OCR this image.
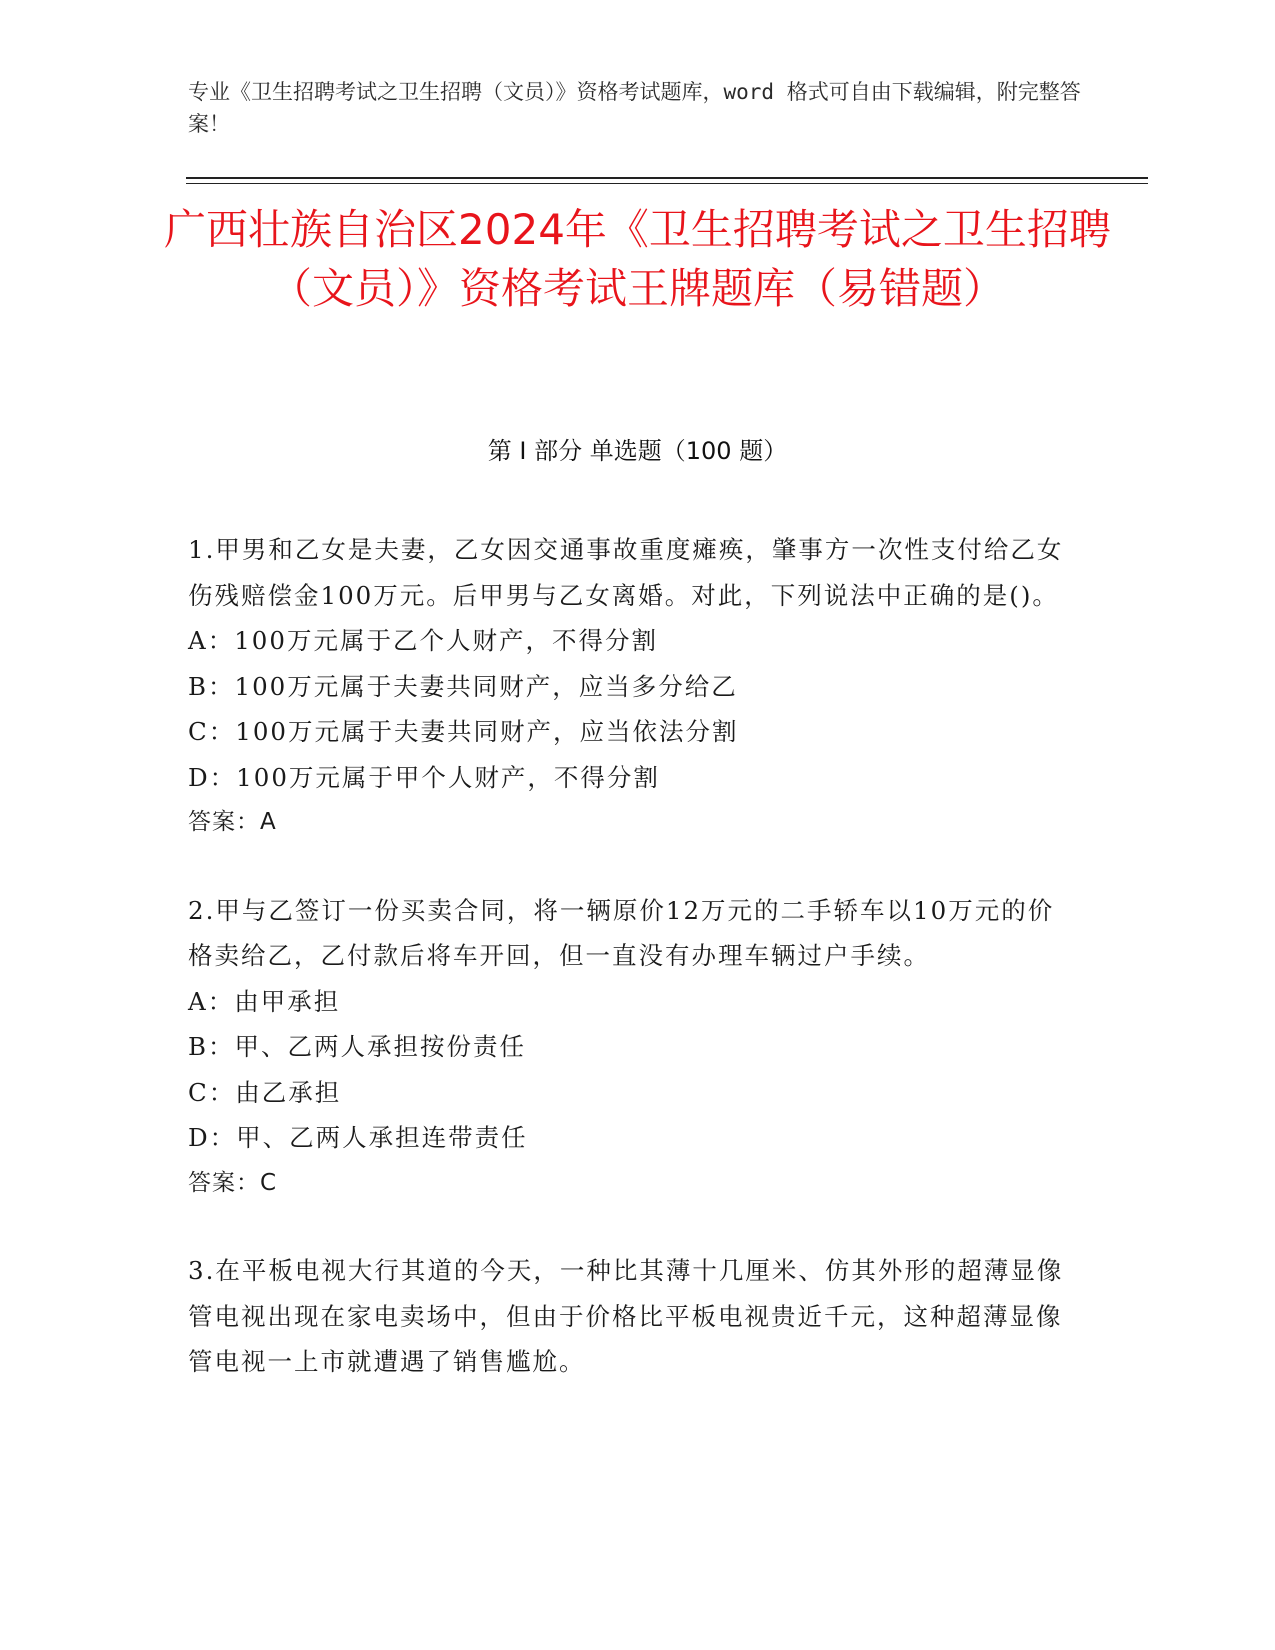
专业《卫生招聘考试之卫生招聘（文员）》资格考试题库，word 格式可自由下载编辑，附完整答案！
广西壮族自治区2024年《卫生招聘考试之卫生招聘（文员）》资格考试王牌题库（易错题）
第 I 部分 单选题（100 题）

1.甲男和乙女是夫妻，乙女因交通事故重度瘫痪，肇事方一次性支付给乙女伤残赔偿金100万元。后甲男与乙女离婚。对此，下列说法中正确的是()。

A：100万元属于乙个人财产，不得分割

B：100万元属于夫妻共同财产，应当多分给乙

C：100万元属于夫妻共同财产，应当依法分割

D：100万元属于甲个人财产，不得分割

答案：A

2.甲与乙签订一份买卖合同，将一辆原价12万元的二手轿车以10万元的价格卖给乙，乙付款后将车开回，但一直没有办理车辆过户手续。

A：由甲承担

B：甲、乙两人承担按份责任

C：由乙承担

D：甲、乙两人承担连带责任

答案：C

3.在平板电视大行其道的今天，一种比其薄十几厘米、仿其外形的超薄显像管电视出现在家电卖场中，但由于价格比平板电视贵近千元，这种超薄显像管电视一上市就遭遇了销售尴尬。
